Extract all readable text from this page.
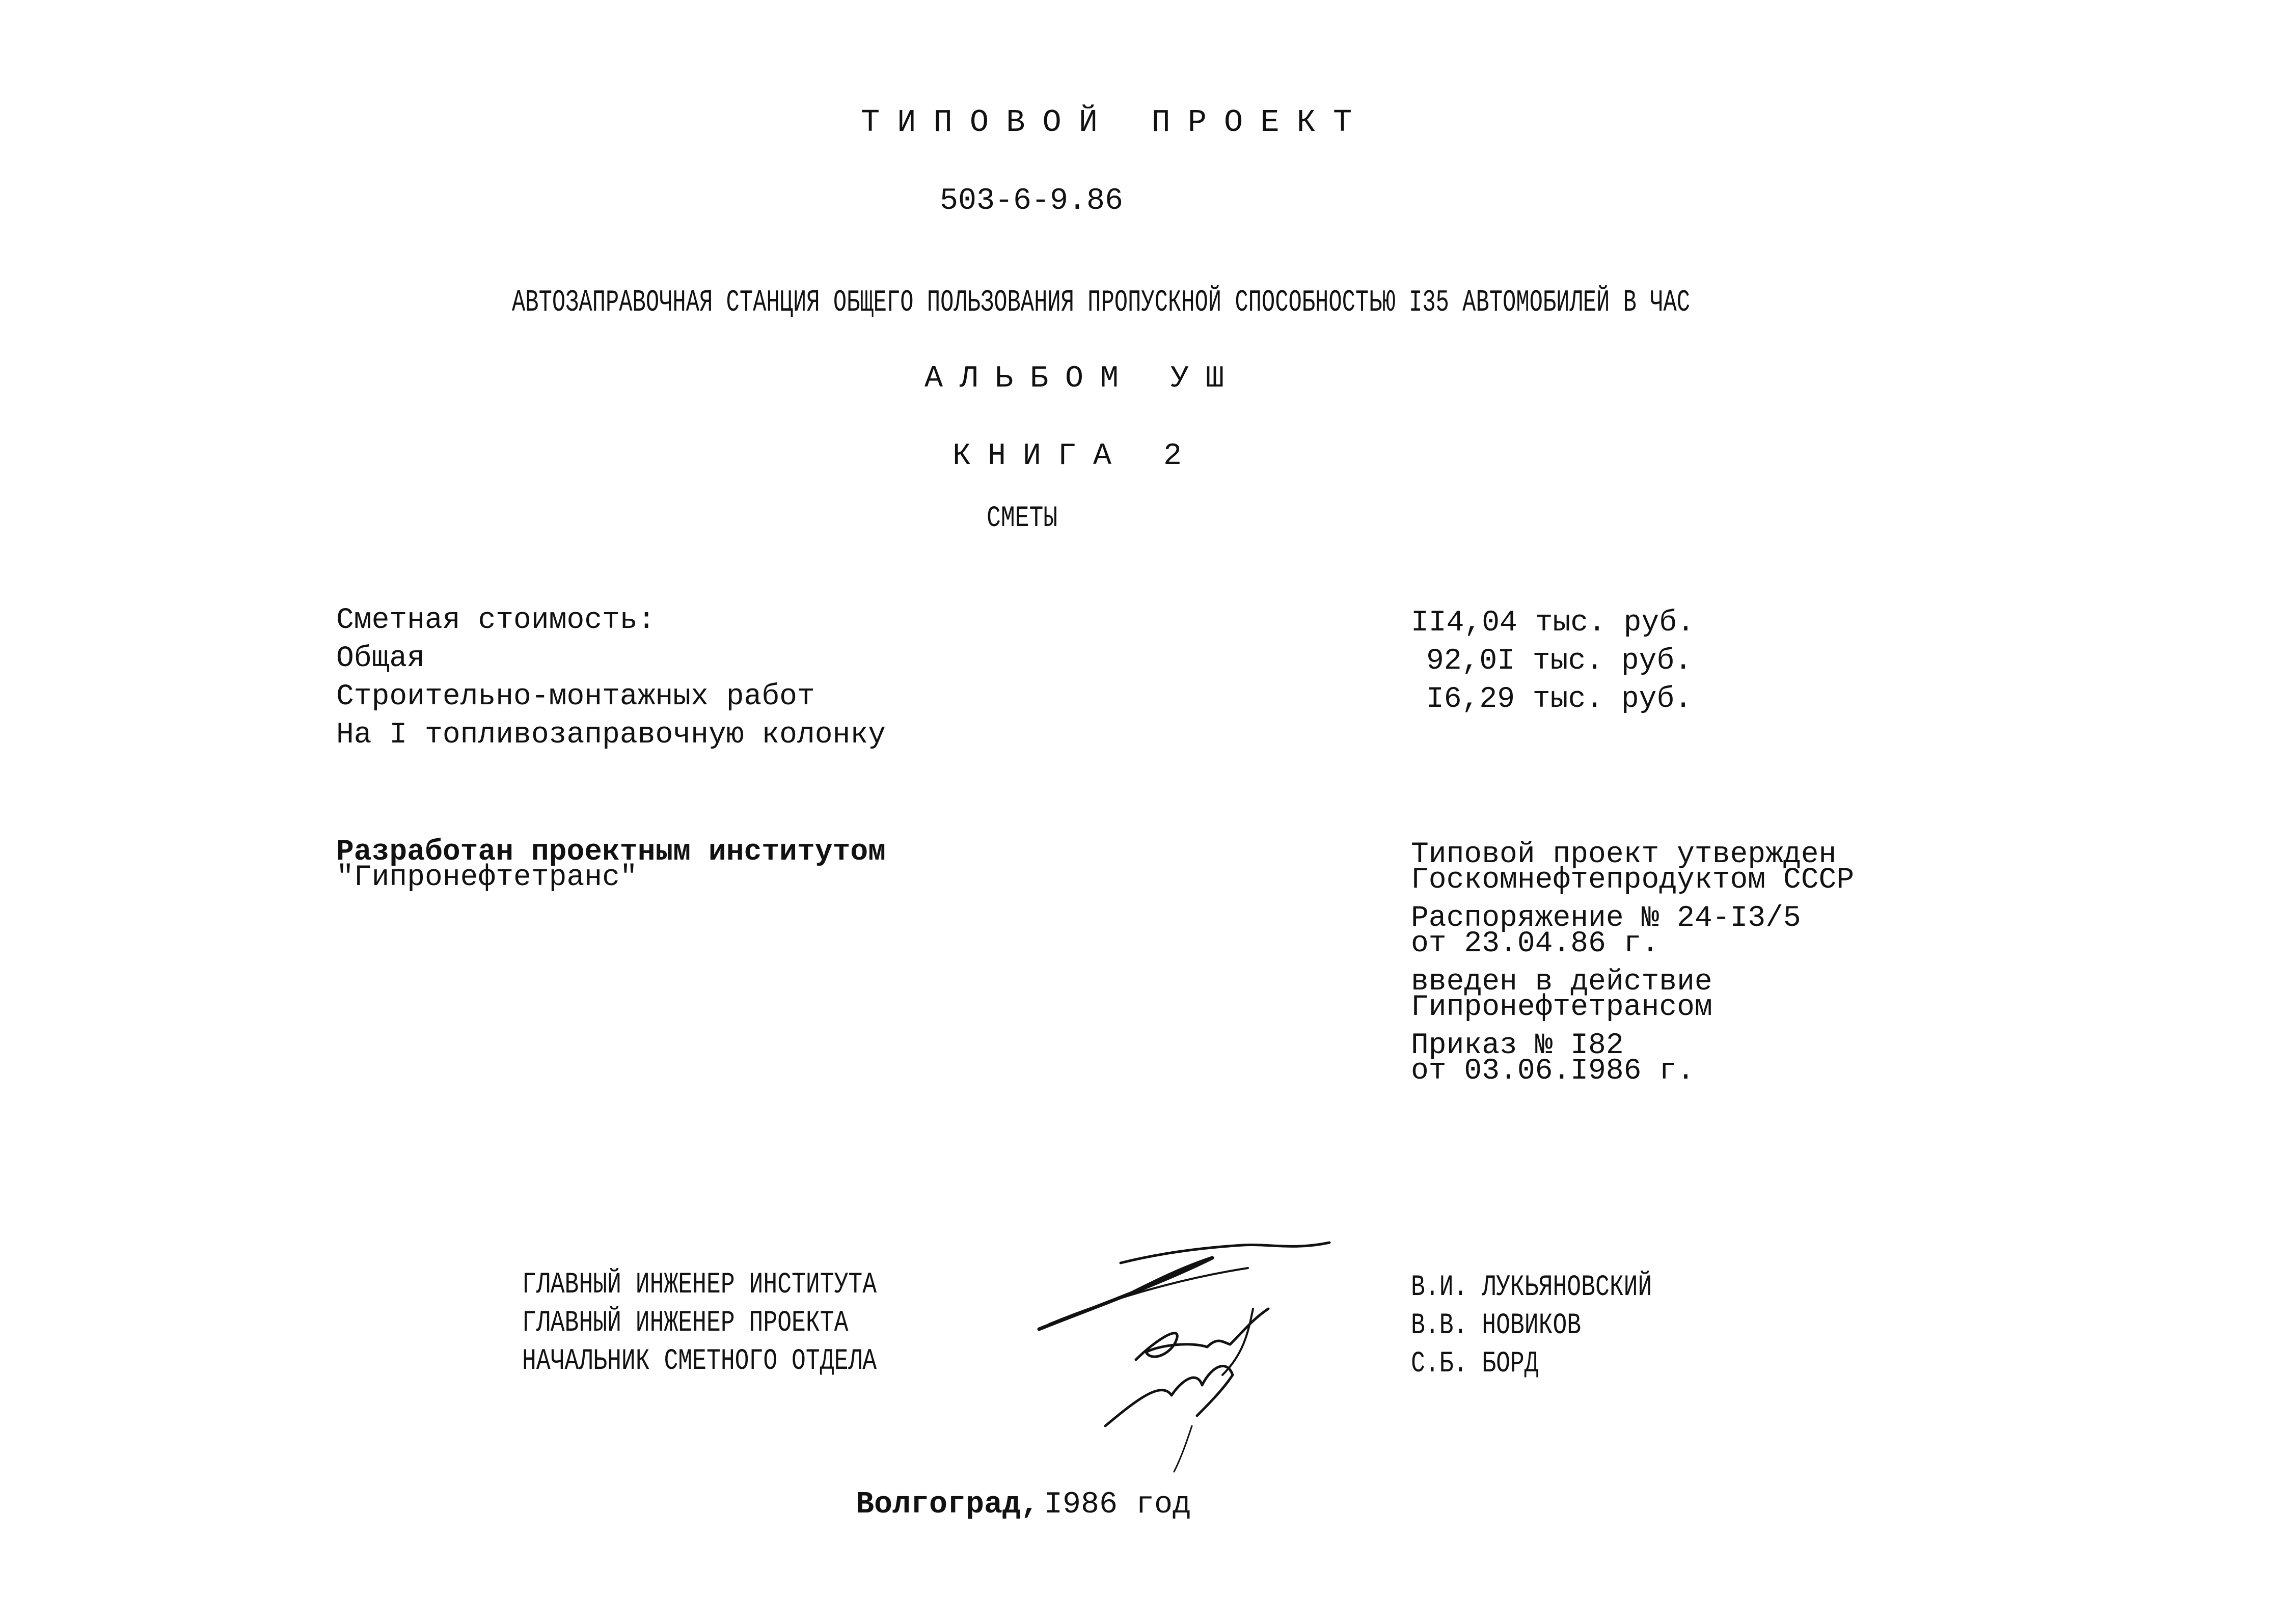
ТИПОВОЙ ПРОЕКТ
503-6-9.86
АВТОЗАПРАВОЧНАЯ СТАНЦИЯ ОБЩЕГО ПОЛЬЗОВАНИЯ ПРОПУСКНОЙ СПОСОБНОСТЬЮ I35 АВТОМОБИЛЕЙ В ЧАС
АЛЬБОМ УШ
КНИГА 2
СМЕТЫ
Сметная стоимость:
Общая
Строительно-монтажных работ
На I топливозаправочную колонку
II4,04 тыс. руб.
92,0I тыс. руб.
I6,29 тыс. руб.
Разработан проектным институтом
"Гипронефтетранс"
Типовой проект утвержден
Госкомнефтепродуктом СССР
Распоряжение № 24-I3/5
от 23.04.86 г.
введен в действие
Гипронефтетрансом
Приказ № I82
от 03.06.I986 г.
ГЛАВНЫЙ ИНЖЕНЕР ИНСТИТУТА
ГЛАВНЫЙ ИНЖЕНЕР ПРОЕКТА
НАЧАЛЬНИК СМЕТНОГО ОТДЕЛА
В.И. ЛУКЬЯНОВСКИЙ
В.В. НОВИКОВ
С.Б. БОРД
Волгоград, I986 год
